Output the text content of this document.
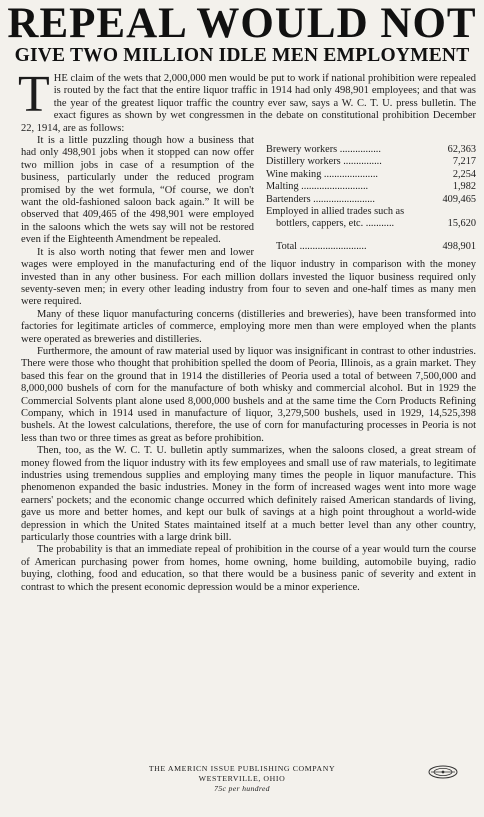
REPEAL WOULD NOT
GIVE TWO MILLION IDLE MEN EMPLOYMENT

T HE claim of the wets that 2,000,000 men would be put to work if national prohibition were repealed is routed by the fact that the entire liquor traffic in 1914 had only 498,901 employees; and that was the year of the greatest liquor traffic the country ever saw, says a W. C. T. U. press bulletin. The exact figures as shown by wet congressmen in the debate on constitutional prohibition December 22, 1914, are as follows:

Brewery workers ................	62,363
Distillery workers ...............	7,217
Wine making .....................	2,254
Malting ..........................	1,982
Bartenders ........................	409,465
Employed in allied trades such as
bottlers, cappers, etc. ...........	15,620
Total ..........................	498,901

It is a little puzzling though how a business that had only 498,901 jobs when it stopped can now offer two million jobs in case of a resumption of the business, particularly under the reduced program promised by the wet formula, “Of course, we don't want the old-fashioned saloon back again.” It will be observed that 409,465 of the 498,901 were employed in the saloons which the wets say will not be restored even if the Eighteenth Amendment be repealed.

It is also worth noting that fewer men and lower wages were employed in the manufacturing end of the liquor industry in comparison with the money invested than in any other business. For each million dollars invested the liquor business required only seventy-seven men; in every other leading industry from four to seven and one-half times as many men were required.

Many of these liquor manufacturing concerns (distilleries and breweries), have been transformed into factories for legitimate articles of commerce, employing more men than were employed when the plants were operated as breweries and distilleries.

Furthermore, the amount of raw material used by liquor was insignificant in contrast to other industries. There were those who thought that prohibition spelled the doom of Peoria, Illinois, as a grain market. They based this fear on the ground that in 1914 the distilleries of Peoria used a total of between 7,500,000 and 8,000,000 bushels of corn for the manufacture of both whisky and commercial alcohol. But in 1929 the Commercial Solvents plant alone used 8,000,000 bushels and at the same time the Corn Products Refining Company, which in 1914 used in manufacture of liquor, 3,279,500 bushels, used in 1929, 14,525,398 bushels. At the lowest calculations, therefore, the use of corn for manufacturing processes in Peoria is not less than two or three times as great as before prohibition.

Then, too, as the W. C. T. U. bulletin aptly summarizes, when the saloons closed, a great stream of money flowed from the liquor industry with its few employees and small use of raw materials, to legitimate industries using tremendous supplies and employing many times the people in liquor manufacture. This phenomenon expanded the basic industries. Money in the form of increased wages went into more wage earners' pockets; and the economic change occurred which definitely raised American standards of living, gave us more and better homes, and kept our bulk of savings at a high point throughout a world-wide depression in which the United States maintained itself at a much better level than any other country, particularly those countries with a large drink bill.

The probability is that an immediate repeal of prohibition in the course of a year would turn the course of American purchasing power from homes, home owning, home building, automobile buying, radio buying, clothing, food and education, so that there would be a business panic of severity and extent in contrast to which the present economic depression would be a minor experience.

THE AMERICN ISSUE PUBLISHING COMPANY
WESTERVILLE, OHIO
75c per hundred
